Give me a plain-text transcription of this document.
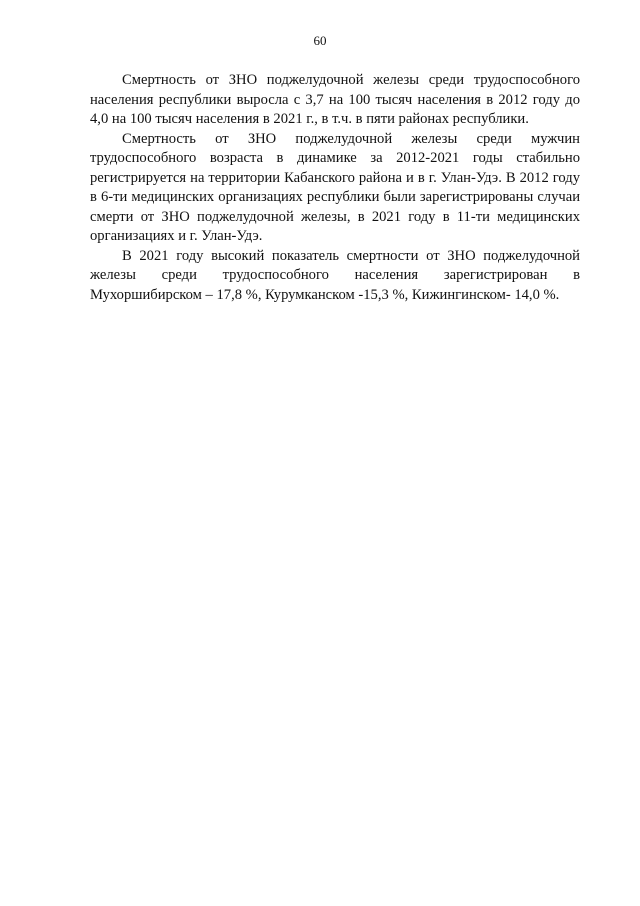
60

Смертность от ЗНО поджелудочной железы среди трудоспособного населения республики выросла с 3,7 на 100 тысяч населения в 2012 году до 4,0 на 100 тысяч населения в 2021 г., в т.ч. в пяти районах республики.

Смертность от ЗНО поджелудочной железы среди мужчин трудоспособного возраста в динамике за 2012-2021 годы стабильно регистрируется на территории Кабанского района и в г. Улан-Удэ. В 2012 году в 6-ти медицинских организациях республики были зарегистрированы случаи смерти от ЗНО поджелудочной железы, в 2021 году в 11-ти медицинских организациях и г. Улан-Удэ.

В 2021 году высокий показатель смертности от ЗНО поджелудочной железы среди трудоспособного населения зарегистрирован в Мухоршибирском – 17,8 %, Курумканском -15,3 %, Кижингинском- 14,0 %.
